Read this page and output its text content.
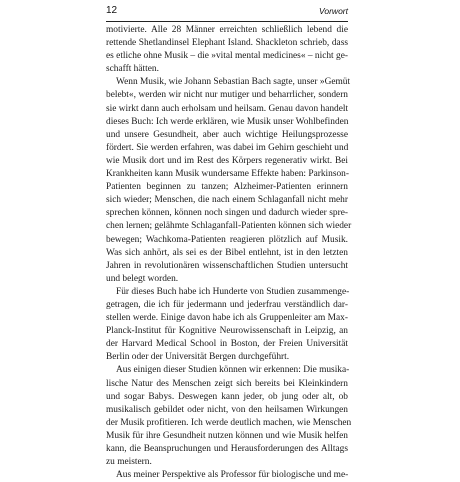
12	Vorwort
motivierte. Alle 28 Männer erreichten schließlich lebend die
rettende Shetlandinsel Elephant Island. Shackleton schrieb, dass
es etliche ohne Musik – die »vital mental medicines« – nicht ge-
schafft hätten.
Wenn Musik, wie Johann Sebastian Bach sagte, unser »Gemüt
belebt«, werden wir nicht nur mutiger und beharrlicher, sondern
sie wirkt dann auch erholsam und heilsam. Genau davon handelt
dieses Buch: Ich werde erklären, wie Musik unser Wohlbefinden
und unsere Gesundheit, aber auch wichtige Heilungsprozesse
fördert. Sie werden erfahren, was dabei im Gehirn geschieht und
wie Musik dort und im Rest des Körpers regenerativ wirkt. Bei
Krankheiten kann Musik wundersame Effekte haben: Parkinson-
Patienten beginnen zu tanzen; Alzheimer-Patienten erinnern
sich wieder; Menschen, die nach einem Schlaganfall nicht mehr
sprechen können, können noch singen und dadurch wieder spre-
chen lernen; gelähmte Schlaganfall-Patienten können sich wieder
bewegen; Wachkoma-Patienten reagieren plötzlich auf Musik.
Was sich anhört, als sei es der Bibel entlehnt, ist in den letzten
Jahren in revolutionären wissenschaftlichen Studien untersucht
und belegt worden.
Für dieses Buch habe ich Hunderte von Studien zusammenge-
getragen, die ich für jedermann und jederfrau verständlich dar-
stellen werde. Einige davon habe ich als Gruppenleiter am Max-
Planck-Institut für Kognitive Neurowissenschaft in Leipzig, an
der Harvard Medical School in Boston, der Freien Universität
Berlin oder der Universität Bergen durchgeführt.
Aus einigen dieser Studien können wir erkennen: Die musika-
lische Natur des Menschen zeigt sich bereits bei Kleinkindern
und sogar Babys. Deswegen kann jeder, ob jung oder alt, ob
musikalisch gebildet oder nicht, von den heilsamen Wirkungen
der Musik profitieren. Ich werde deutlich machen, wie Menschen
Musik für ihre Gesundheit nutzen können und wie Musik helfen
kann, die Beanspruchungen und Herausforderungen des Alltags
zu meistern.
Aus meiner Perspektive als Professor für biologische und me-
